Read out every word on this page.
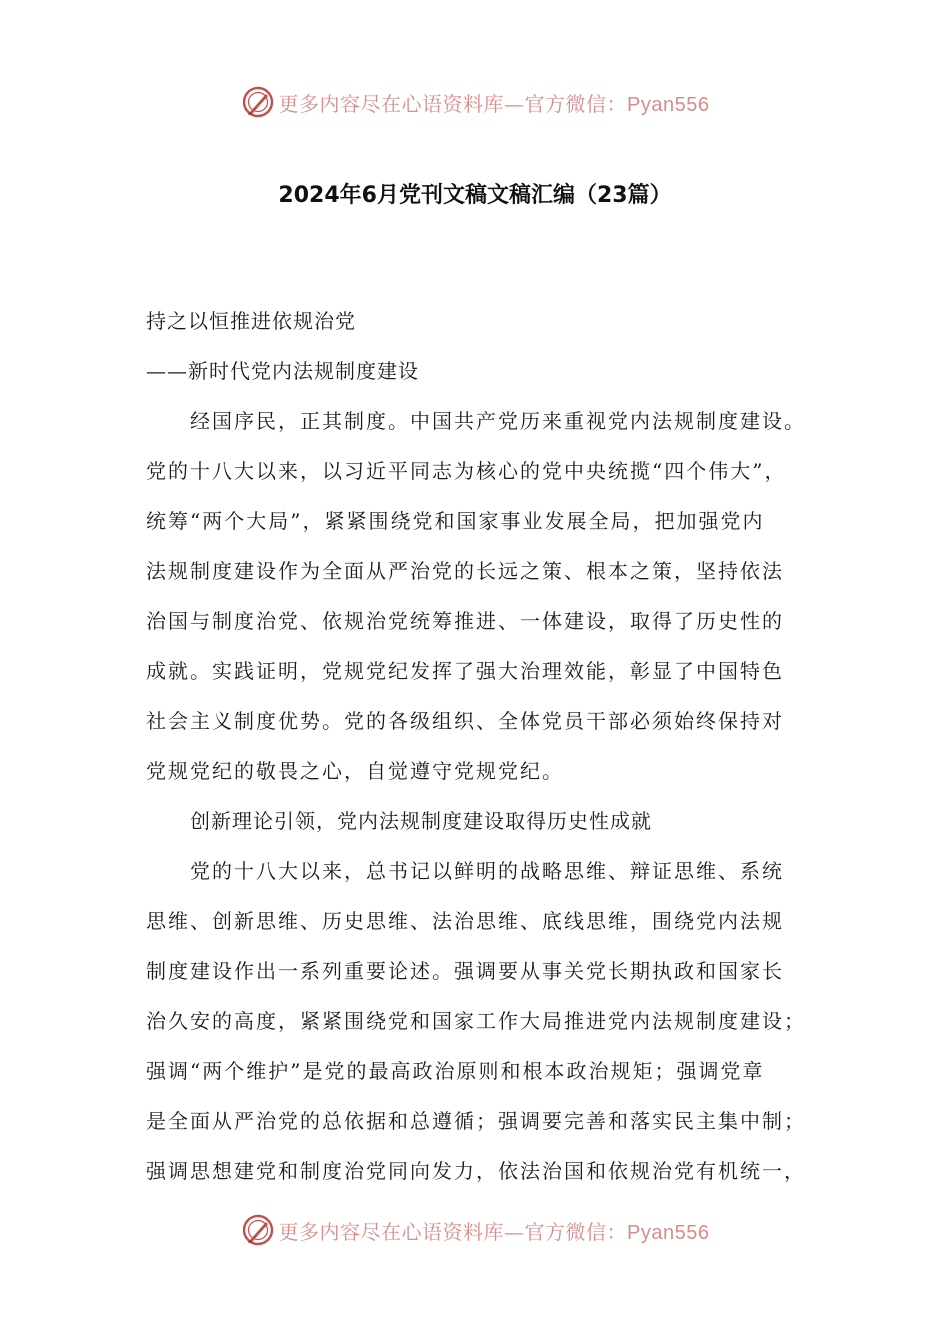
更多内容尽在心语资料库—官方微信：Pyan556
2024年6月党刊文稿文稿汇编（23篇）
持之以恒推进依规治党
——新时代党内法规制度建设
经国序民，正其制度。中国共产党历来重视党内法规制度建设。
党的十八大以来，以习近平同志为核心的党中央统揽“四个伟大”，
统筹“两个大局”，紧紧围绕党和国家事业发展全局，把加强党内
法规制度建设作为全面从严治党的长远之策、根本之策，坚持依法
治国与制度治党、依规治党统筹推进、一体建设，取得了历史性的
成就。实践证明，党规党纪发挥了强大治理效能，彰显了中国特色
社会主义制度优势。党的各级组织、全体党员干部必须始终保持对
党规党纪的敬畏之心，自觉遵守党规党纪。
创新理论引领，党内法规制度建设取得历史性成就
党的十八大以来，总书记以鲜明的战略思维、辩证思维、系统
思维、创新思维、历史思维、法治思维、底线思维，围绕党内法规
制度建设作出一系列重要论述。强调要从事关党长期执政和国家长
治久安的高度，紧紧围绕党和国家工作大局推进党内法规制度建设；
强调“两个维护”是党的最高政治原则和根本政治规矩；强调党章
是全面从严治党的总依据和总遵循；强调要完善和落实民主集中制；
强调思想建党和制度治党同向发力，依法治国和依规治党有机统一，
更多内容尽在心语资料库—官方微信：Pyan556
